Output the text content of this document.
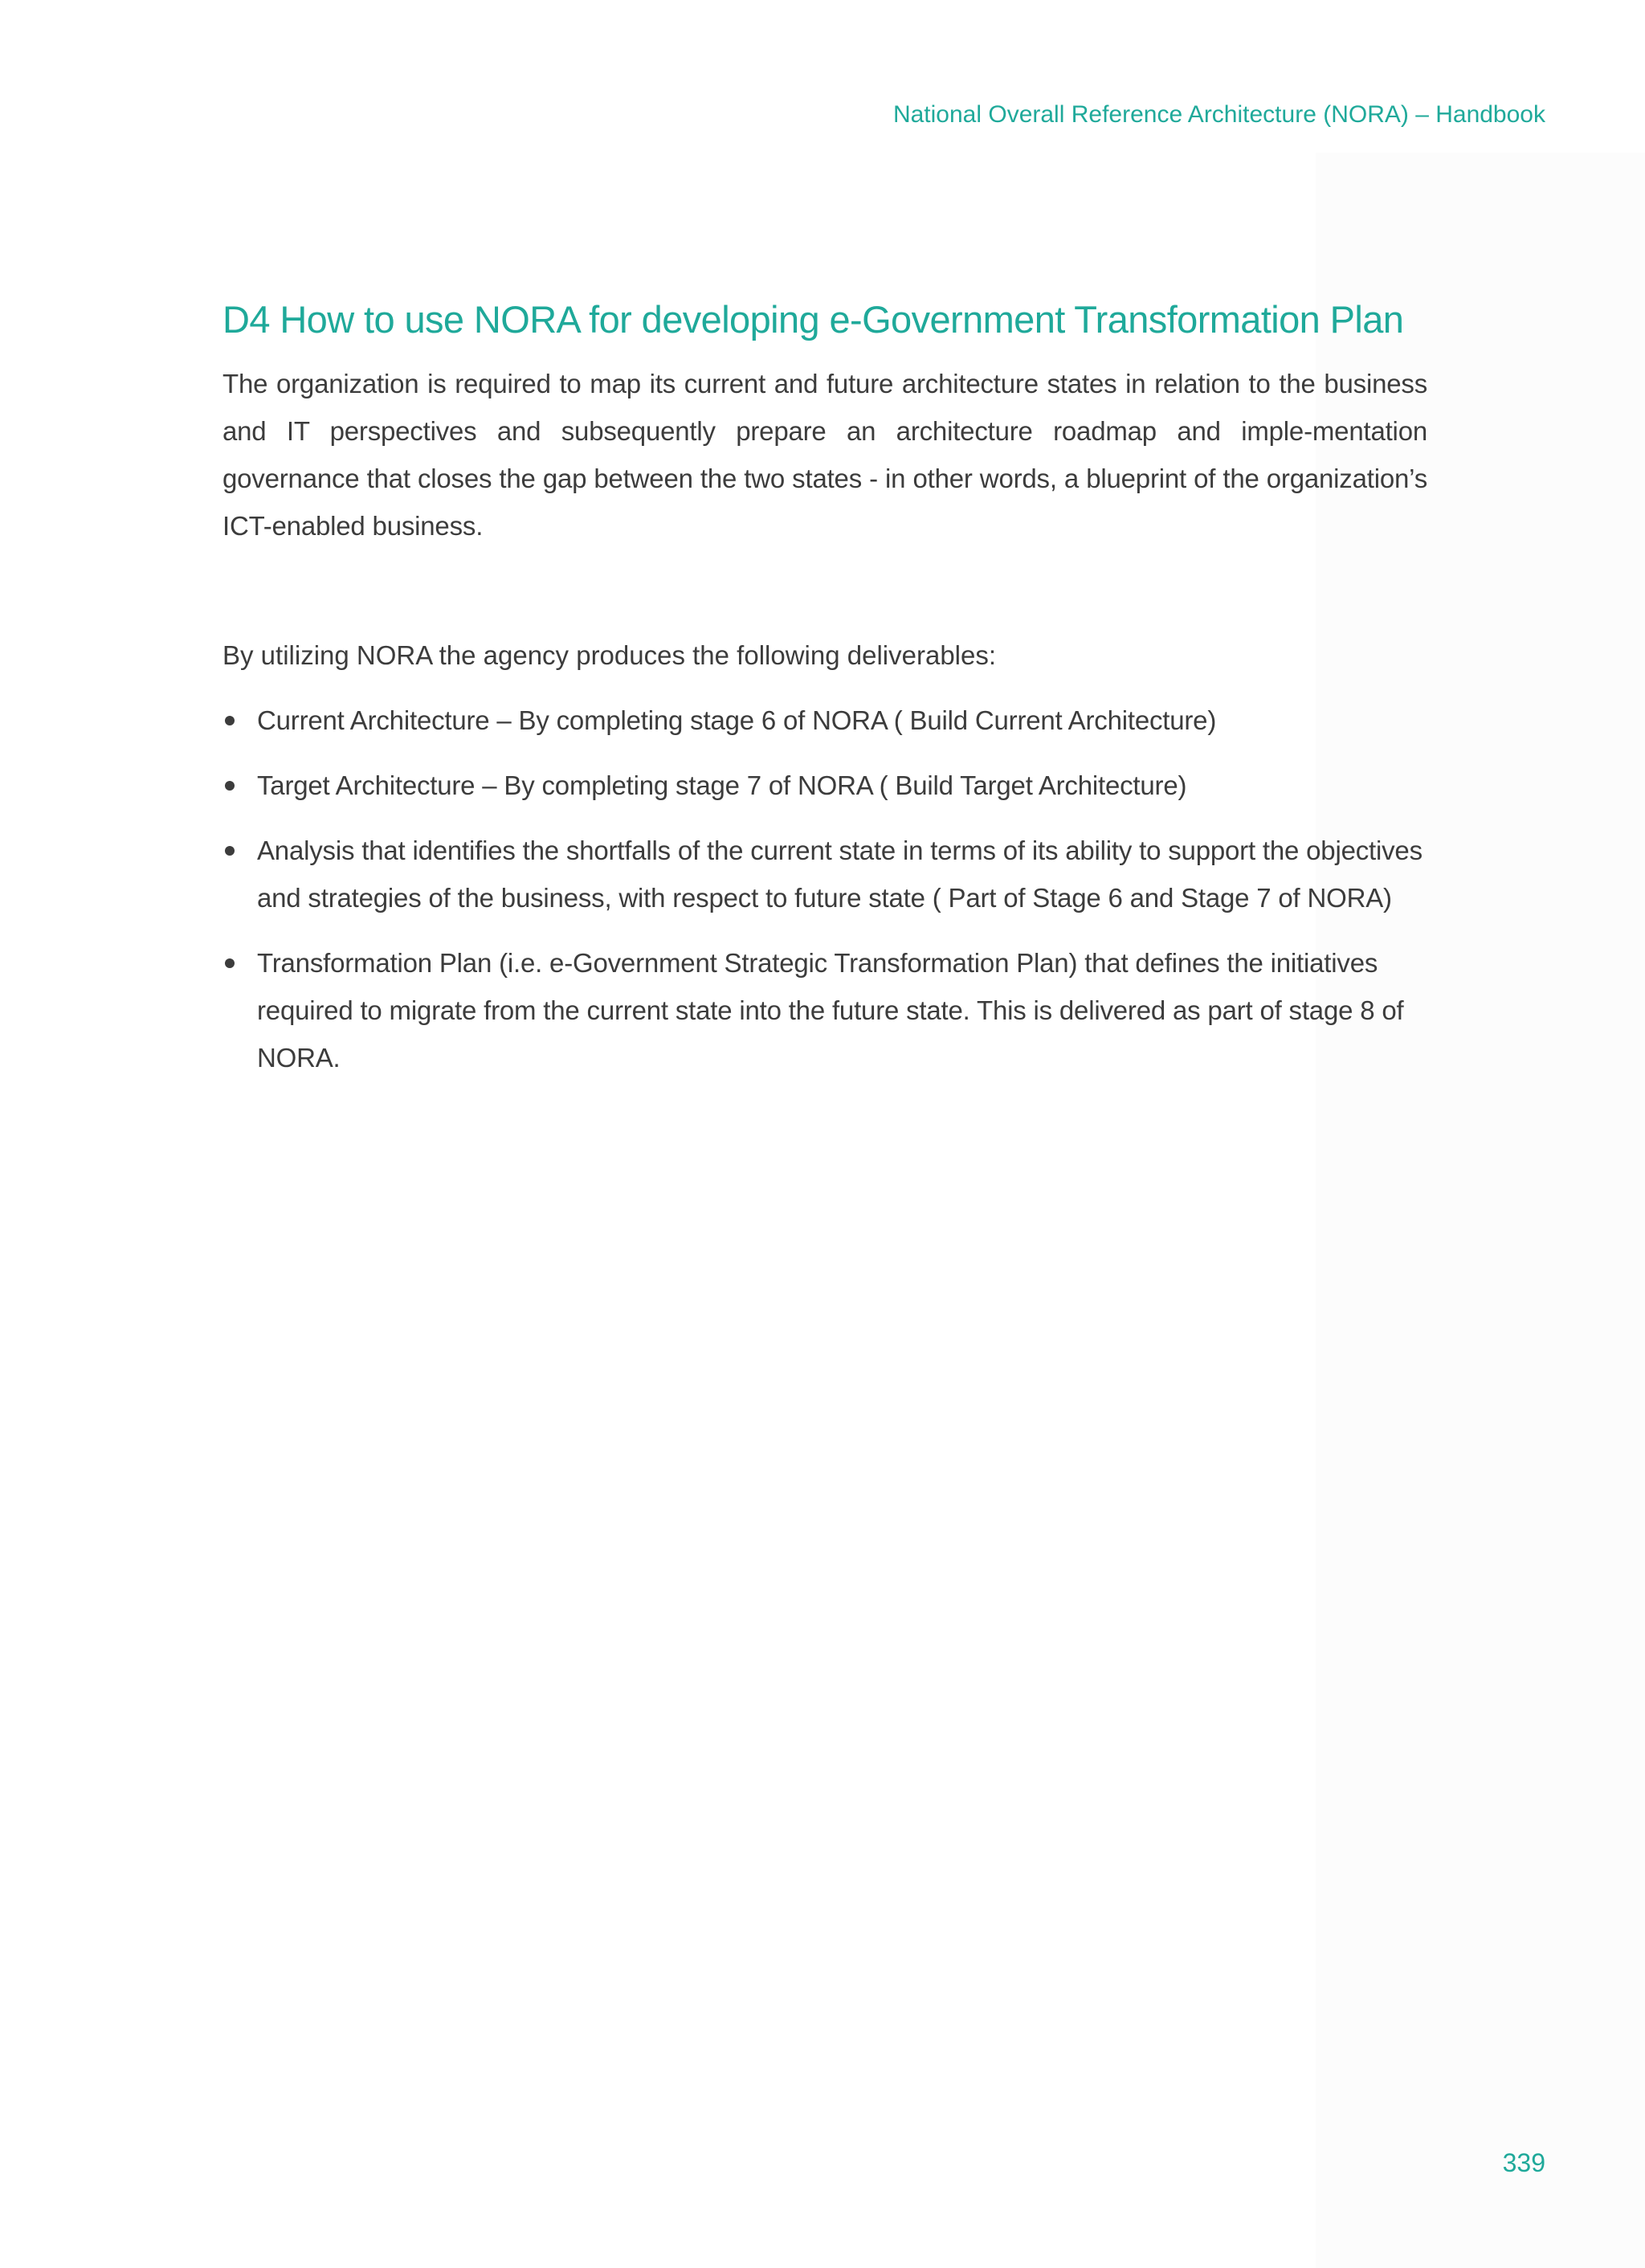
National Overall Reference Architecture (NORA) – Handbook
D4 How to use NORA for developing e-Government Transformation Plan

The organization is required to map its current and future architecture states in relation to the business and IT perspectives and subsequently prepare an architecture roadmap and imple-mentation governance that closes the gap between the two states - in other words, a blueprint of the organization’s ICT-enabled business.

By utilizing NORA the agency produces the following deliverables:

Current Architecture – By completing stage 6 of NORA ( Build Current Architecture)
Target Architecture – By completing stage 7 of NORA ( Build Target Architecture)
Analysis that identifies the shortfalls of the current state in terms of its ability to support the objectives and strategies of the business, with respect to future state ( Part of Stage 6 and Stage 7 of NORA)
Transformation Plan (i.e. e-Government Strategic Transformation Plan) that defines the initiatives required to migrate from the current state into the future state. This is delivered as part of stage 8 of NORA.
339
